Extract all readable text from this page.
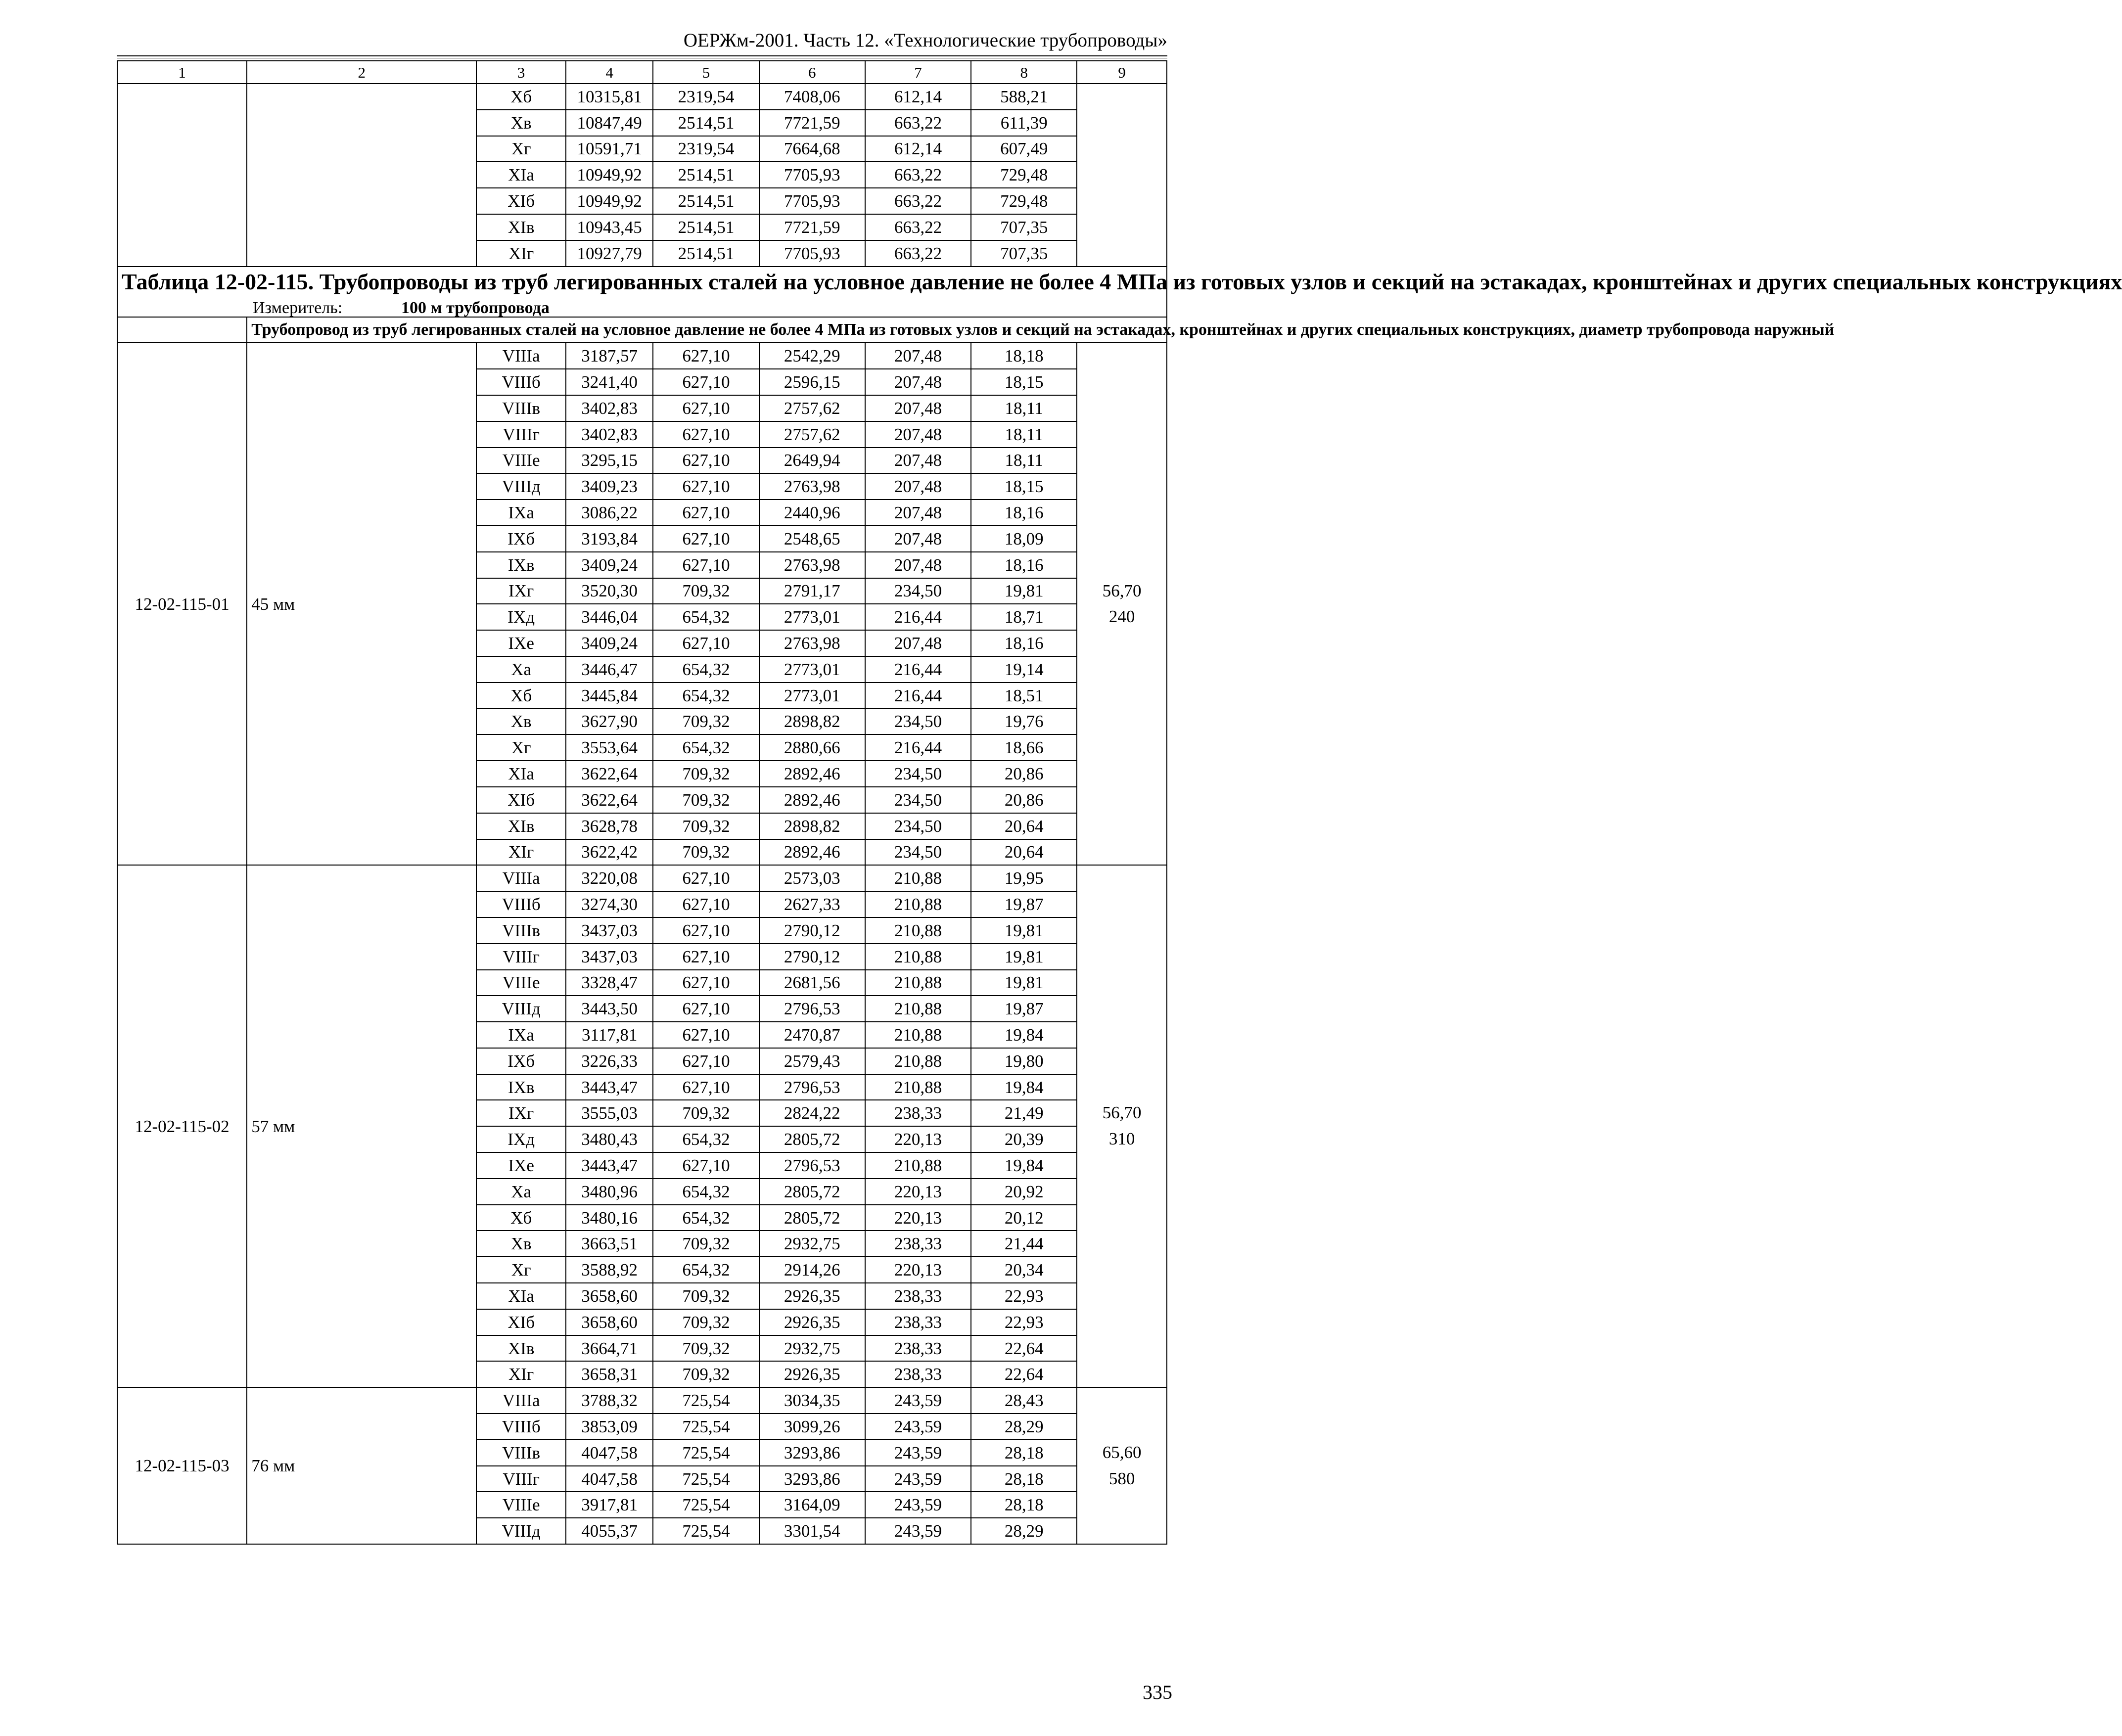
ОЕРЖм-2001. Часть 12. «Технологические трубопроводы»
1	2	3	4	5	6	7	8	9
		Xб	10315,81	2319,54	7408,06	612,14	588,21	
		Xв	10847,49	2514,51	7721,59	663,22	611,39	
		Xг	10591,71	2319,54	7664,68	612,14	607,49	
		XIа	10949,92	2514,51	7705,93	663,22	729,48	
		XIб	10949,92	2514,51	7705,93	663,22	729,48	
		XIв	10943,45	2514,51	7721,59	663,22	707,35	
		XIг	10927,79	2514,51	7705,93	663,22	707,35	

Таблица 12-02-115. Трубопроводы из труб легированных сталей на условное давление не более 4 МПа из готовых узлов и секций на эстакадах, кронштейнах и других специальных конструкциях
Измеритель: 100 м трубопровода								

	Трубопровод из труб легированных сталей на условное давление не более 4 МПа из готовых узлов и секций на эстакадах, кронштейнах и других специальных конструкциях, диаметр трубопровода наружный							
12-02-115-01	45 мм	VIIIа	3187,57	627,10	2542,29	207,48	18,18	56,70
240

		VIIIб	3241,40	627,10	2596,15	207,48	18,15	
		VIIIв	3402,83	627,10	2757,62	207,48	18,11	
		VIIIг	3402,83	627,10	2757,62	207,48	18,11	
		VIIIе	3295,15	627,10	2649,94	207,48	18,11	
		VIIIд	3409,23	627,10	2763,98	207,48	18,15	
		IXа	3086,22	627,10	2440,96	207,48	18,16	
		IXб	3193,84	627,10	2548,65	207,48	18,09	
		IXв	3409,24	627,10	2763,98	207,48	18,16	
		IXг	3520,30	709,32	2791,17	234,50	19,81	
		IXд	3446,04	654,32	2773,01	216,44	18,71	
		IXе	3409,24	627,10	2763,98	207,48	18,16	
		Xа	3446,47	654,32	2773,01	216,44	19,14	
		Xб	3445,84	654,32	2773,01	216,44	18,51	
		Xв	3627,90	709,32	2898,82	234,50	19,76	
		Xг	3553,64	654,32	2880,66	216,44	18,66	
		XIа	3622,64	709,32	2892,46	234,50	20,86	
		XIб	3622,64	709,32	2892,46	234,50	20,86	
		XIв	3628,78	709,32	2898,82	234,50	20,64	
		XIг	3622,42	709,32	2892,46	234,50	20,64	
12-02-115-02	57 мм	VIIIа	3220,08	627,10	2573,03	210,88	19,95	56,70
310

		VIIIб	3274,30	627,10	2627,33	210,88	19,87	
		VIIIв	3437,03	627,10	2790,12	210,88	19,81	
		VIIIг	3437,03	627,10	2790,12	210,88	19,81	
		VIIIе	3328,47	627,10	2681,56	210,88	19,81	
		VIIIд	3443,50	627,10	2796,53	210,88	19,87	
		IXа	3117,81	627,10	2470,87	210,88	19,84	
		IXб	3226,33	627,10	2579,43	210,88	19,80	
		IXв	3443,47	627,10	2796,53	210,88	19,84	
		IXг	3555,03	709,32	2824,22	238,33	21,49	
		IXд	3480,43	654,32	2805,72	220,13	20,39	
		IXе	3443,47	627,10	2796,53	210,88	19,84	
		Xа	3480,96	654,32	2805,72	220,13	20,92	
		Xб	3480,16	654,32	2805,72	220,13	20,12	
		Xв	3663,51	709,32	2932,75	238,33	21,44	
		Xг	3588,92	654,32	2914,26	220,13	20,34	
		XIа	3658,60	709,32	2926,35	238,33	22,93	
		XIб	3658,60	709,32	2926,35	238,33	22,93	
		XIв	3664,71	709,32	2932,75	238,33	22,64	
		XIг	3658,31	709,32	2926,35	238,33	22,64	
12-02-115-03	76 мм	VIIIа	3788,32	725,54	3034,35	243,59	28,43	65,60
580

		VIIIб	3853,09	725,54	3099,26	243,59	28,29	
		VIIIв	4047,58	725,54	3293,86	243,59	28,18	
		VIIIг	4047,58	725,54	3293,86	243,59	28,18	
		VIIIе	3917,81	725,54	3164,09	243,59	28,18	
		VIIIд	4055,37	725,54	3301,54	243,59	28,29	
335
